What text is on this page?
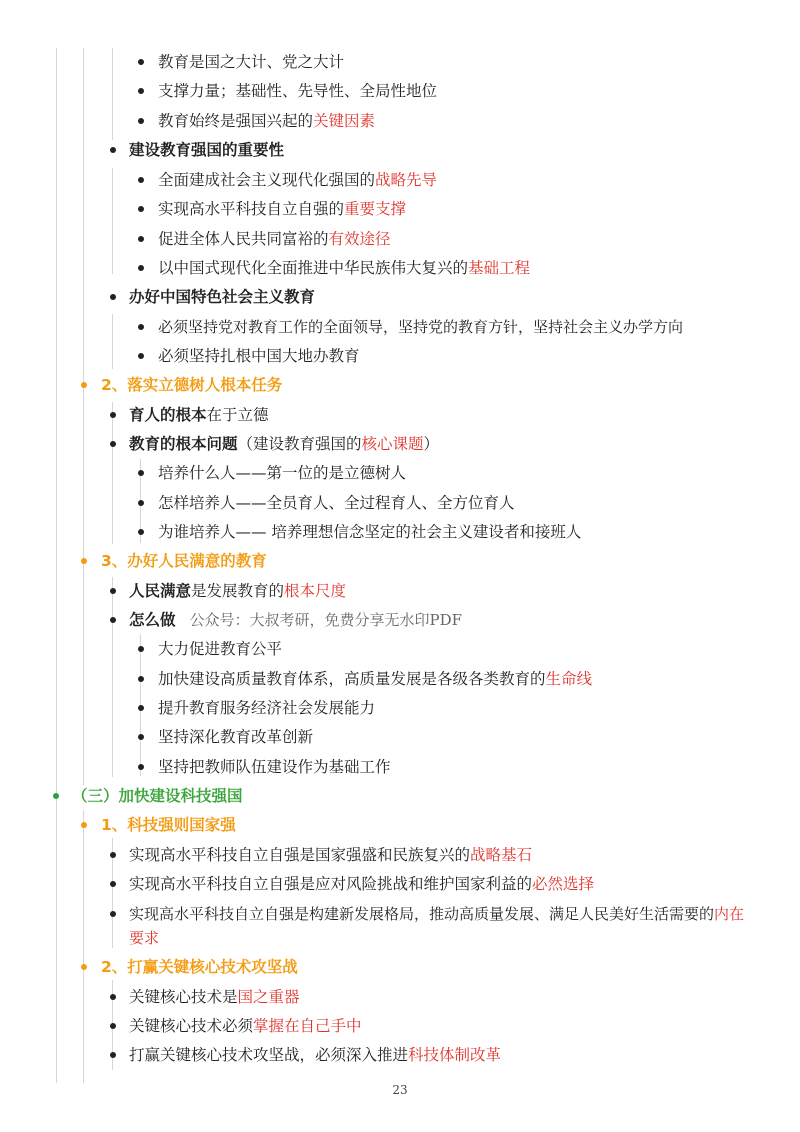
教育是国之大计、党之大计
支撑力量；基础性、先导性、全局性地位
教育始终是强国兴起的关键因素
建设教育强国的重要性
全面建成社会主义现代化强国的战略先导
实现高水平科技自立自强的重要支撑
促进全体人民共同富裕的有效途径
以中国式现代化全面推进中华民族伟大复兴的基础工程
办好中国特色社会主义教育
必须坚持党对教育工作的全面领导，坚持党的教育方针，坚持社会主义办学方向
必须坚持扎根中国大地办教育
2、落实立德树人根本任务
育人的根本在于立德
教育的根本问题（建设教育强国的核心课题）
培养什么人——第一位的是立德树人
怎样培养人——全员育人、全过程育人、全方位育人
为谁培养人—— 培养理想信念坚定的社会主义建设者和接班人
3、办好人民满意的教育
人民满意是发展教育的根本尺度
怎么做 公众号：大叔考研，免费分享无水印PDF
大力促进教育公平
加快建设高质量教育体系，高质量发展是各级各类教育的生命线
提升教育服务经济社会发展能力
坚持深化教育改革创新
坚持把教师队伍建设作为基础工作
（三）加快建设科技强国
1、科技强则国家强
实现高水平科技自立自强是国家强盛和民族复兴的战略基石
实现高水平科技自立自强是应对风险挑战和维护国家利益的必然选择
实现高水平科技自立自强是构建新发展格局，推动高质量发展、满足人民美好生活需要的内在要求
2、打赢关键核心技术攻坚战
关键核心技术是国之重器
关键核心技术必须掌握在自己手中
打赢关键核心技术攻坚战，必须深入推进科技体制改革
23
